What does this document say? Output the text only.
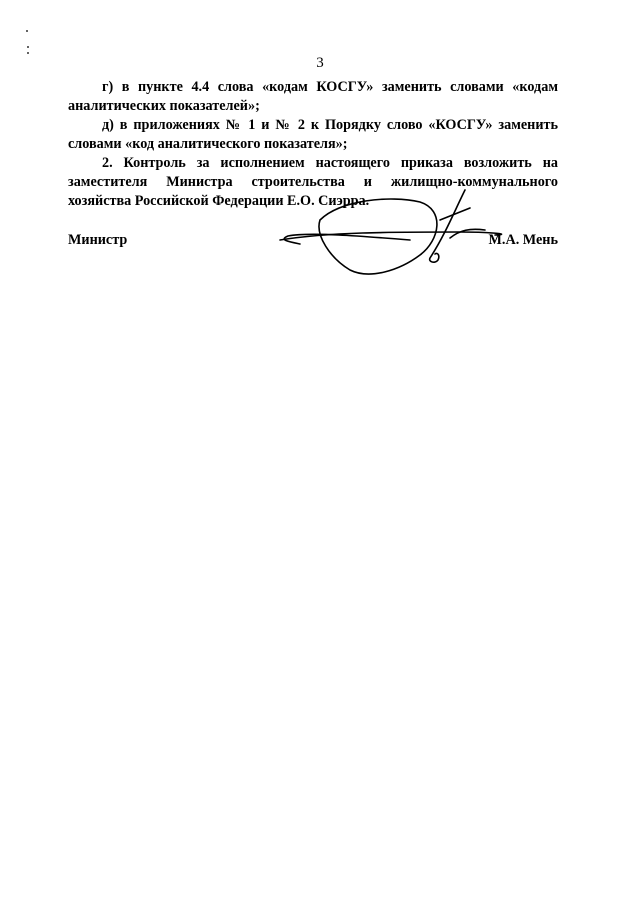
3

г) в пункте 4.4 слова «кодам КОСГУ» заменить словами «кодам аналитических показателей»;

д) в приложениях № 1 и № 2 к Порядку слово «КОСГУ» заменить словами «код аналитического показателя»;

2. Контроль за исполнением настоящего приказа возложить на заместителя Министра строительства и жилищно-коммунального хозяйства Российской Федерации Е.О. Сиэрра.

Министр	М.А. Мень
